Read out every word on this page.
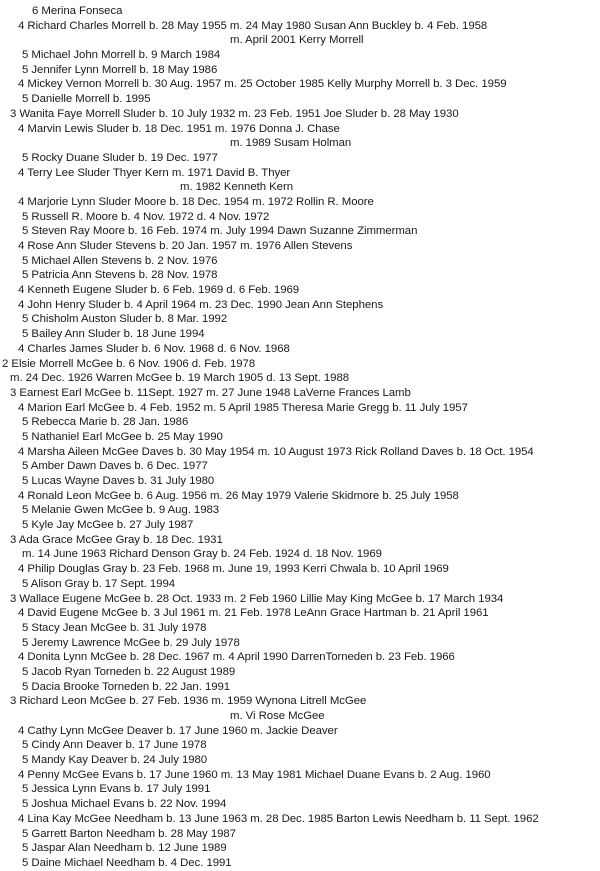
6 Merina Fonseca
4 Richard Charles Morrell b. 28 May 1955 m. 24 May 1980 Susan Ann Buckley b. 4 Feb. 1958
m. April 2001 Kerry Morrell
5 Michael John Morrell b. 9 March 1984
5 Jennifer Lynn Morrell b. 18 May 1986
4 Mickey Vernon Morrell b. 30 Aug. 1957 m. 25 October 1985 Kelly Murphy Morrell b. 3 Dec. 1959
5 Danielle Morrell b. 1995
3 Wanita Faye Morrell Sluder b. 10 July 1932 m. 23 Feb. 1951 Joe Sluder b. 28 May 1930
4 Marvin Lewis Sluder b. 18 Dec. 1951 m. 1976 Donna J. Chase
m. 1989 Susam Holman
5 Rocky Duane Sluder b. 19 Dec. 1977
4 Terry Lee Sluder Thyer Kern m. 1971 David B. Thyer
m. 1982 Kenneth Kern
4 Marjorie Lynn Sluder Moore b. 18 Dec. 1954 m. 1972 Rollin R. Moore
5 Russell R. Moore b. 4 Nov. 1972 d. 4 Nov. 1972
5 Steven Ray Moore b. 16 Feb. 1974 m. July 1994 Dawn Suzanne Zimmerman
4 Rose Ann Sluder Stevens b. 20 Jan. 1957 m. 1976 Allen Stevens
5 Michael Allen Stevens b. 2 Nov. 1976
5 Patricia Ann Stevens b. 28 Nov. 1978
4 Kenneth Eugene Sluder b. 6 Feb. 1969 d. 6 Feb. 1969
4 John Henry Sluder b. 4 April 1964 m. 23 Dec. 1990 Jean Ann Stephens
5 Chisholm Auston Sluder b. 8 Mar. 1992
5 Bailey Ann Sluder b. 18 June 1994
4 Charles James Sluder b. 6 Nov. 1968 d. 6 Nov. 1968
2 Elsie Morrell McGee b. 6 Nov. 1906 d. Feb. 1978
m. 24 Dec. 1926 Warren McGee b. 19 March 1905 d. 13 Sept. 1988
3 Earnest Earl McGee b. 11Sept. 1927 m. 27 June 1948 LaVerne Frances Lamb
4 Marion Earl McGee b. 4 Feb. 1952 m. 5 April 1985 Theresa Marie Gregg b. 11 July 1957
5 Rebecca Marie b. 28 Jan. 1986
5 Nathaniel Earl McGee b. 25 May 1990
4 Marsha Aileen McGee Daves b. 30 May 1954 m. 10 August 1973 Rick Rolland Daves b. 18 Oct. 1954
5 Amber Dawn Daves b. 6 Dec. 1977
5 Lucas Wayne Daves b. 31 July 1980
4 Ronald Leon McGee b. 6 Aug. 1956 m. 26 May 1979 Valerie Skidmore b. 25 July 1958
5 Melanie Gwen McGee b. 9 Aug. 1983
5 Kyle Jay McGee b. 27 July 1987
3 Ada Grace McGee Gray b. 18 Dec. 1931
m. 14 June 1963 Richard Denson Gray b. 24 Feb. 1924 d. 18 Nov. 1969
4 Philip Douglas Gray b. 23 Feb. 1968 m. June 19, 1993 Kerri Chwala b. 10 April 1969
5 Alison Gray b. 17 Sept. 1994
3 Wallace Eugene McGee b. 28 Oct. 1933 m. 2 Feb 1960 Lillie May King McGee b. 17 March 1934
4 David Eugene McGee b. 3 Jul 1961 m. 21 Feb. 1978 LeAnn Grace Hartman b. 21 April 1961
5 Stacy Jean McGee b. 31 July 1978
5 Jeremy Lawrence McGee b. 29 July 1978
4 Donita Lynn McGee b. 28 Dec. 1967 m. 4 April 1990 DarrenTorneden b. 23 Feb. 1966
5 Jacob Ryan Torneden b. 22 August 1989
5 Dacia Brooke Torneden b. 22 Jan. 1991
3 Richard Leon McGee b. 27 Feb. 1936 m. 1959 Wynona Litrell McGee
m. Vi Rose McGee
4 Cathy Lynn McGee Deaver b. 17 June 1960 m. Jackie Deaver
5 Cindy Ann Deaver b. 17 June 1978
5 Mandy Kay Deaver b. 24 July 1980
4 Penny McGee Evans b. 17 June 1960 m. 13 May 1981 Michael Duane Evans b. 2 Aug. 1960
5 Jessica Lynn Evans b. 17 July 1991
5 Joshua Michael Evans b. 22 Nov. 1994
4 Lina Kay McGee Needham b. 13 June 1963 m. 28 Dec. 1985 Barton Lewis Needham b. 11 Sept. 1962
5 Garrett Barton Needham b. 28 May 1987
5 Jaspar Alan Needham b. 12 June 1989
5 Daine Michael Needham b. 4 Dec. 1991
